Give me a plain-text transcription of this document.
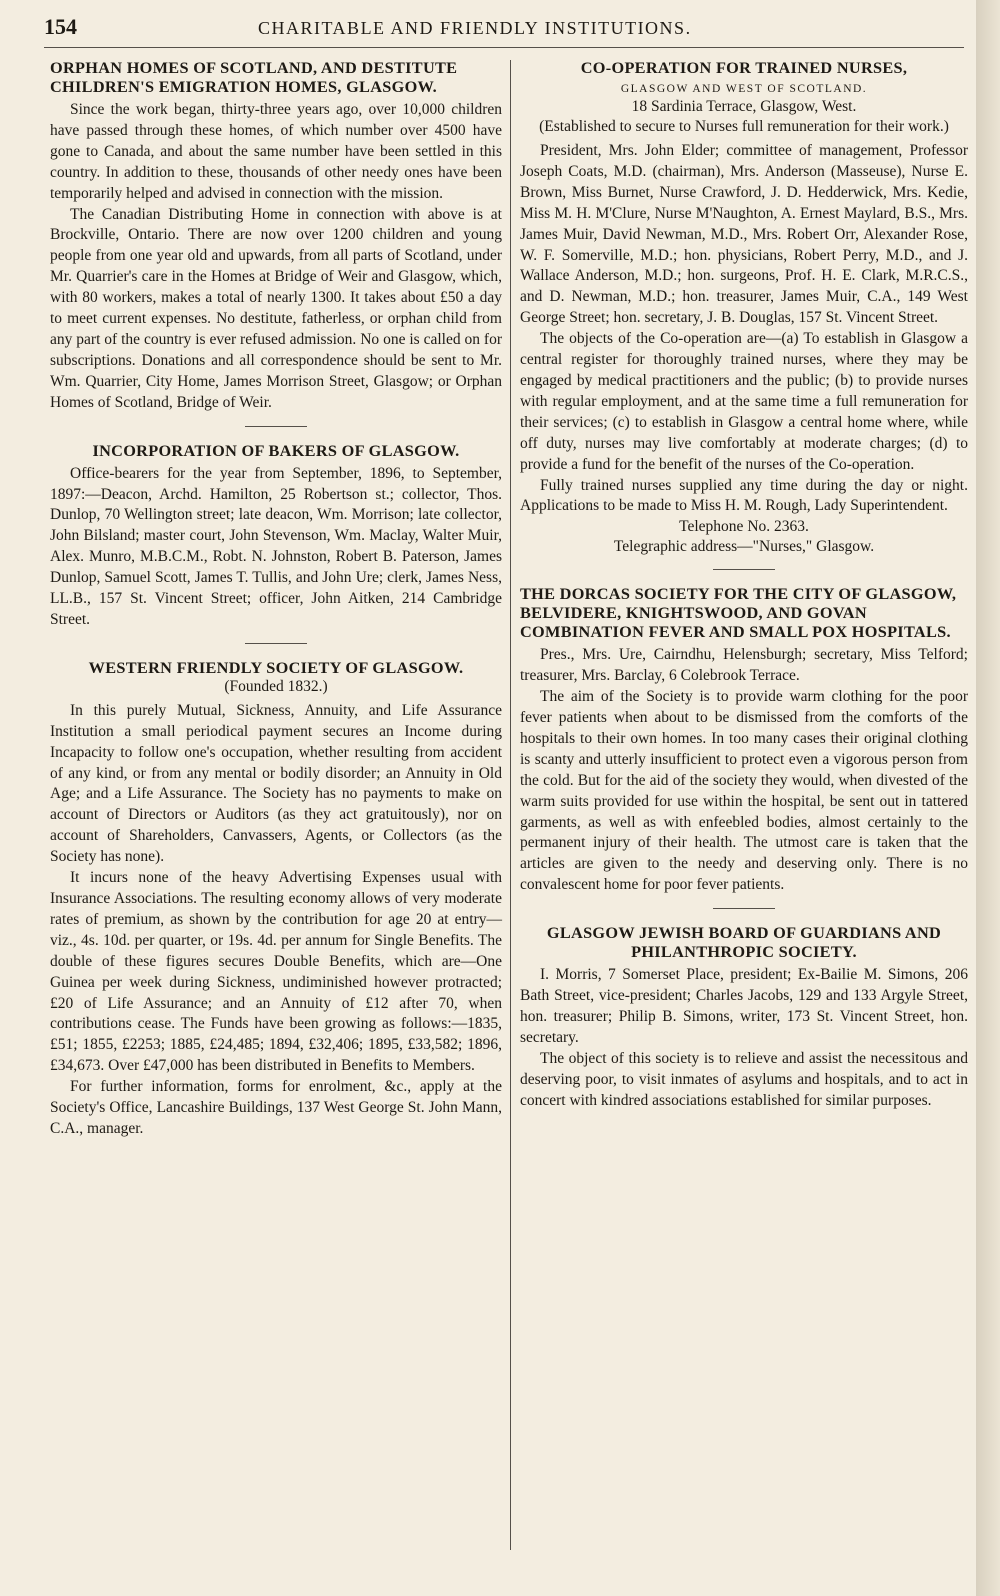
154	CHARITABLE AND FRIENDLY INSTITUTIONS.
ORPHAN HOMES OF SCOTLAND, AND DESTITUTE CHILDREN'S EMIGRATION HOMES, GLASGOW.

Since the work began, thirty-three years ago, over 10,000 children have passed through these homes, of which number over 4500 have gone to Canada, and about the same number have been settled in this country. In addition to these, thousands of other needy ones have been temporarily helped and advised in connection with the mission.

The Canadian Distributing Home in connection with above is at Brockville, Ontario. There are now over 1200 children and young people from one year old and upwards, from all parts of Scotland, under Mr. Quarrier's care in the Homes at Bridge of Weir and Glasgow, which, with 80 workers, makes a total of nearly 1300. It takes about £50 a day to meet current expenses. No destitute, fatherless, or orphan child from any part of the country is ever refused admission. No one is called on for subscriptions. Donations and all correspondence should be sent to Mr. Wm. Quarrier, City Home, James Morrison Street, Glasgow; or Orphan Homes of Scotland, Bridge of Weir.

INCORPORATION OF BAKERS OF GLASGOW.

Office-bearers for the year from September, 1896, to September, 1897:—Deacon, Archd. Hamilton, 25 Robertson st.; collector, Thos. Dunlop, 70 Wellington street; late deacon, Wm. Morrison; late collector, John Bilsland; master court, John Stevenson, Wm. Maclay, Walter Muir, Alex. Munro, M.B.C.M., Robt. N. Johnston, Robert B. Paterson, James Dunlop, Samuel Scott, James T. Tullis, and John Ure; clerk, James Ness, LL.B., 157 St. Vincent Street; officer, John Aitken, 214 Cambridge Street.

WESTERN FRIENDLY SOCIETY OF GLASGOW.

(Founded 1832.)

In this purely Mutual, Sickness, Annuity, and Life Assurance Institution a small periodical payment secures an Income during Incapacity to follow one's occupation, whether resulting from accident of any kind, or from any mental or bodily disorder; an Annuity in Old Age; and a Life Assurance. The Society has no payments to make on account of Directors or Auditors (as they act gratuitously), nor on account of Shareholders, Canvassers, Agents, or Collectors (as the Society has none).

It incurs none of the heavy Advertising Expenses usual with Insurance Associations. The resulting economy allows of very moderate rates of premium, as shown by the contribution for age 20 at entry—viz., 4s. 10d. per quarter, or 19s. 4d. per annum for Single Benefits. The double of these figures secures Double Benefits, which are—One Guinea per week during Sickness, undiminished however protracted; £20 of Life Assurance; and an Annuity of £12 after 70, when contributions cease. The Funds have been growing as follows:—1835, £51; 1855, £2253; 1885, £24,485; 1894, £32,406; 1895, £33,582; 1896, £34,673. Over £47,000 has been distributed in Benefits to Members.

For further information, forms for enrolment, &c., apply at the Society's Office, Lancashire Buildings, 137 West George St. John Mann, C.A., manager.

CO-OPERATION FOR TRAINED NURSES,

GLASGOW AND WEST OF SCOTLAND.

18 Sardinia Terrace, Glasgow, West.

(Established to secure to Nurses full remuneration for their work.)

President, Mrs. John Elder; committee of management, Professor Joseph Coats, M.D. (chairman), Mrs. Anderson (Masseuse), Nurse E. Brown, Miss Burnet, Nurse Crawford, J. D. Hedderwick, Mrs. Kedie, Miss M. H. M'Clure, Nurse M'Naughton, A. Ernest Maylard, B.S., Mrs. James Muir, David Newman, M.D., Mrs. Robert Orr, Alexander Rose, W. F. Somerville, M.D.; hon. physicians, Robert Perry, M.D., and J. Wallace Anderson, M.D.; hon. surgeons, Prof. H. E. Clark, M.R.C.S., and D. Newman, M.D.; hon. treasurer, James Muir, C.A., 149 West George Street; hon. secretary, J. B. Douglas, 157 St. Vincent Street.

The objects of the Co-operation are—(a) To establish in Glasgow a central register for thoroughly trained nurses, where they may be engaged by medical practitioners and the public; (b) to provide nurses with regular employment, and at the same time a full remuneration for their services; (c) to establish in Glasgow a central home where, while off duty, nurses may live comfortably at moderate charges; (d) to provide a fund for the benefit of the nurses of the Co-operation.

Fully trained nurses supplied any time during the day or night. Applications to be made to Miss H. M. Rough, Lady Superintendent.

Telephone No. 2363.

Telegraphic address—"Nurses," Glasgow.

THE DORCAS SOCIETY FOR THE CITY OF GLASGOW, BELVIDERE, KNIGHTSWOOD, AND GOVAN COMBINATION FEVER AND SMALL POX HOSPITALS.

Pres., Mrs. Ure, Cairndhu, Helensburgh; secretary, Miss Telford; treasurer, Mrs. Barclay, 6 Colebrook Terrace.

The aim of the Society is to provide warm clothing for the poor fever patients when about to be dismissed from the comforts of the hospitals to their own homes. In too many cases their original clothing is scanty and utterly insufficient to protect even a vigorous person from the cold. But for the aid of the society they would, when divested of the warm suits provided for use within the hospital, be sent out in tattered garments, as well as with enfeebled bodies, almost certainly to the permanent injury of their health. The utmost care is taken that the articles are given to the needy and deserving only. There is no convalescent home for poor fever patients.

GLASGOW JEWISH BOARD OF GUARDIANS AND PHILANTHROPIC SOCIETY.

I. Morris, 7 Somerset Place, president; Ex-Bailie M. Simons, 206 Bath Street, vice-president; Charles Jacobs, 129 and 133 Argyle Street, hon. treasurer; Philip B. Simons, writer, 173 St. Vincent Street, hon. secretary.

The object of this society is to relieve and assist the necessitous and deserving poor, to visit inmates of asylums and hospitals, and to act in concert with kindred associations established for similar purposes.
